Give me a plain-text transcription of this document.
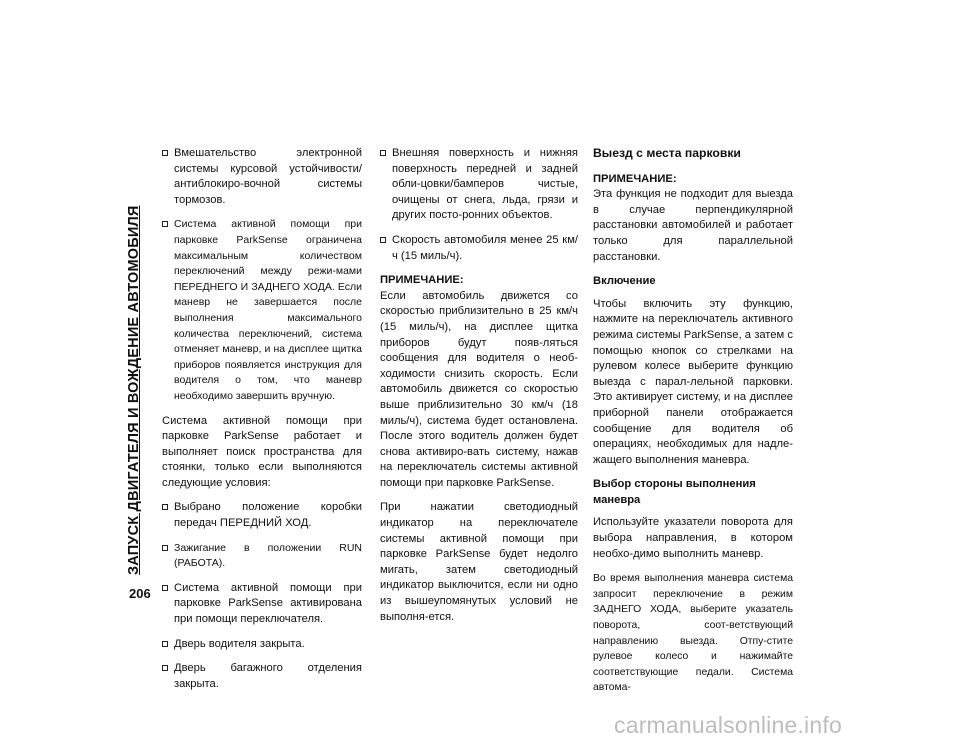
ЗАПУСК ДВИГАТЕЛЯ И ВОЖДЕНИЕ АВТОМОБИЛЯ
206
Вмешательство электронной системы курсовой устойчивости/антиблокиро-вочной системы тормозов.
Система активной помощи при парковке ParkSense ограничена максимальным количеством переключений между режи-мами ПЕРЕДНЕГО И ЗАДНЕГО ХОДА. Если маневр не завершается после выполнения максимального количества переключений, система отменяет маневр, и на дисплее щитка приборов появляется инструкция для водителя о том, что маневр необходимо завершить вручную.
Система активной помощи при парковке ParkSense работает и выполняет поиск пространства для стоянки, только если выполняются следующие условия:
Выбрано положение коробки передач ПЕРЕДНИЙ ХОД.
Зажигание в положении RUN (РАБОТА).
Система активной помощи при парковке ParkSense активирована при помощи переключателя.
Дверь водителя закрыта.
Дверь багажного отделения закрыта.
Внешняя поверхность и нижняя поверхность передней и задней обли-цовки/бамперов чистые, очищены от снега, льда, грязи и других посто-ронних объектов.
Скорость автомобиля менее 25 км/ч (15 миль/ч).
ПРИМЕЧАНИЕ:
Если автомобиль движется со скоростью приблизительно в 25 км/ч (15 миль/ч), на дисплее щитка приборов будут появ-ляться сообщения для водителя о необ-ходимости снизить скорость. Если автомобиль движется со скоростью выше приблизительно 30 км/ч (18 миль/ч), система будет остановлена. После этого водитель должен будет снова активиро-вать систему, нажав на переключатель системы активной помощи при парковке ParkSense.
При нажатии светодиодный индикатор на переключателе системы активной помощи при парковке ParkSense будет недолго мигать, затем светодиодный индикатор выключится, если ни одно из вышеупомянутых условий не выполня-ется.
Выезд с места парковки
ПРИМЕЧАНИЕ:
Эта функция не подходит для выезда в случае перпендикулярной расстановки автомобилей и работает только для параллельной расстановки.
Включение
Чтобы включить эту функцию, нажмите на переключатель активного режима системы ParkSense, а затем с помощью кнопок со стрелками на рулевом колесе выберите функцию выезда с парал-лельной парковки. Это активирует систему, и на дисплее приборной панели отображается сообщение для водителя об операциях, необходимых для надле-жащего выполнения маневра.
Выбор стороны выполнения маневра
Используйте указатели поворота для выбора направления, в котором необхо-димо выполнить маневр.
Во время выполнения маневра система запросит переключение в режим ЗАДНЕГО ХОДА, выберите указатель поворота, соот-ветствующий направлению выезда. Отпу-стите рулевое колесо и нажимайте соответствующие педали. Система автома-
carmanualsonline.info
